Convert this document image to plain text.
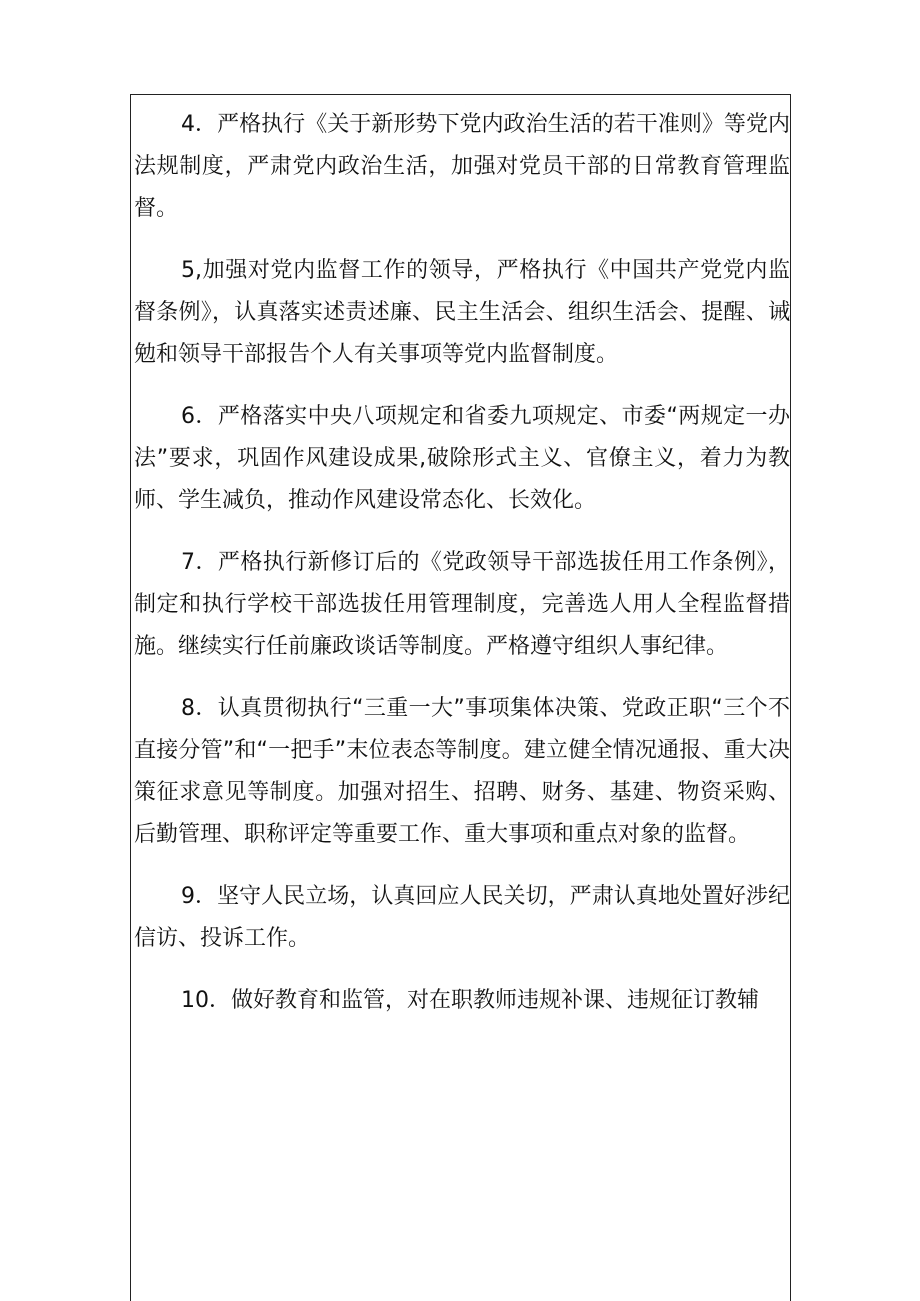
4．严格执行《关于新形势下党内政治生活的若干准则》等党内法规制度，严肃党内政治生活，加强对党员干部的日常教育管理监督。

5,加强对党内监督工作的领导，严格执行《中国共产党党内监督条例》，认真落实述责述廉、民主生活会、组织生活会、提醒、诫勉和领导干部报告个人有关事项等党内监督制度。

6．严格落实中央八项规定和省委九项规定、市委“两规定一办法”要求，巩固作风建设成果,破除形式主义、官僚主义，着力为教师、学生减负，推动作风建设常态化、长效化。

7．严格执行新修订后的《党政领导干部选拔任用工作条例》，制定和执行学校干部选拔任用管理制度，完善选人用人全程监督措施。继续实行任前廉政谈话等制度。严格遵守组织人事纪律。

8．认真贯彻执行“三重一大”事项集体决策、党政正职“三个不直接分管”和“一把手”末位表态等制度。建立健全情况通报、重大决策征求意见等制度。加强对招生、招聘、财务、基建、物资采购、后勤管理、职称评定等重要工作、重大事项和重点对象的监督。

9．坚守人民立场，认真回应人民关切，严肃认真地处置好涉纪信访、投诉工作。

10．做好教育和监管，对在职教师违规补课、违规征订教辅
